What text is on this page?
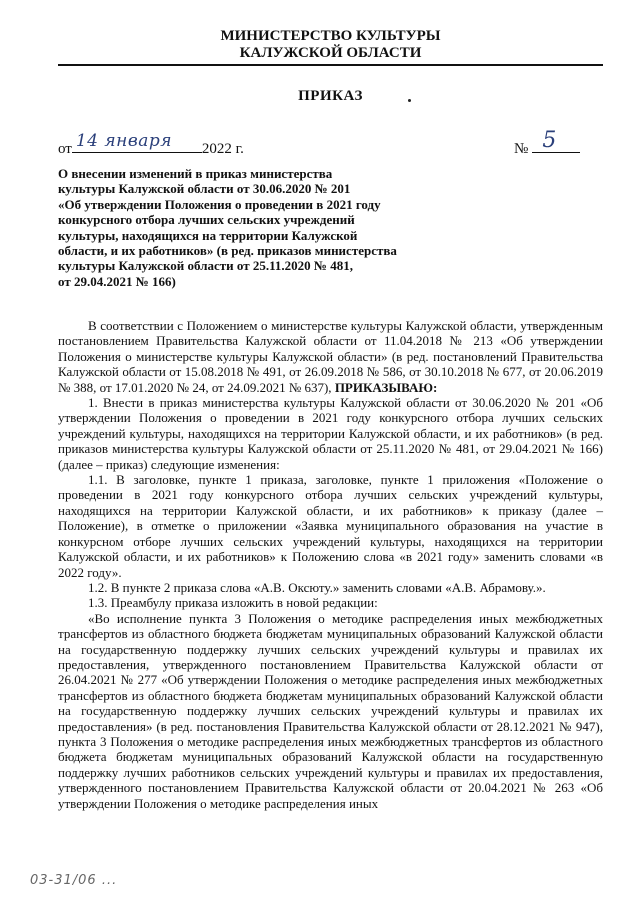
МИНИСТЕРСТВО КУЛЬТУРЫ
КАЛУЖСКОЙ ОБЛАСТИ
ПРИКАЗ
от 14 января 2022 г.	№ 5
О внесении изменений в приказ министерства
культуры Калужской области от 30.06.2020 № 201
«Об утверждении Положения о проведении в 2021 году
конкурсного отбора лучших сельских учреждений
культуры, находящихся на территории Калужской
области, и их работников» (в ред. приказов министерства
культуры Калужской области от 25.11.2020 № 481,
от 29.04.2021 № 166)

В соответствии с Положением о министерстве культуры Калужской области, утвержденным постановлением Правительства Калужской области от 11.04.2018 № 213 «Об утверждении Положения о министерстве культуры Калужской области» (в ред. постановлений Правительства Калужской области от 15.08.2018 № 491, от 26.09.2018 № 586, от 30.10.2018 № 677, от 20.06.2019 № 388, от 17.01.2020 № 24, от 24.09.2021 № 637), ПРИКАЗЫВАЮ:

1. Внести в приказ министерства культуры Калужской области от 30.06.2020 № 201 «Об утверждении Положения о проведении в 2021 году конкурсного отбора лучших сельских учреждений культуры, находящихся на территории Калужской области, и их работников» (в ред. приказов министерства культуры Калужской области от 25.11.2020 № 481, от 29.04.2021 № 166) (далее – приказ) следующие изменения:

1.1. В заголовке, пункте 1 приказа, заголовке, пункте 1 приложения «Положение о проведении в 2021 году конкурсного отбора лучших сельских учреждений культуры, находящихся на территории Калужской области, и их работников» к приказу (далее – Положение), в отметке о приложении «Заявка муниципального образования на участие в конкурсном отборе лучших сельских учреждений культуры, находящихся на территории Калужской области, и их работников» к Положению слова «в 2021 году» заменить словами «в 2022 году».

1.2. В пункте 2 приказа слова «А.В. Оксюту.» заменить словами «А.В. Абрамову.».

1.3. Преамбулу приказа изложить в новой редакции:

«Во исполнение пункта 3 Положения о методике распределения иных межбюджетных трансфертов из областного бюджета бюджетам муниципальных образований Калужской области на государственную поддержку лучших сельских учреждений культуры и правилах их предоставления, утвержденного постановлением Правительства Калужской области от 26.04.2021 № 277 «Об утверждении Положения о методике распределения иных межбюджетных трансфертов из областного бюджета бюджетам муниципальных образований Калужской области на государственную поддержку лучших сельских учреждений культуры и правилах их предоставления» (в ред. постановления Правительства Калужской области от 28.12.2021 № 947), пункта 3 Положения о методике распределения иных межбюджетных трансфертов из областного бюджета бюджетам муниципальных образований Калужской области на государственную поддержку лучших работников сельских учреждений культуры и правилах их предоставления, утвержденного постановлением Правительства Калужской области от 20.04.2021 № 263 «Об утверждении Положения о методике распределения иных

03-31/06 ...
